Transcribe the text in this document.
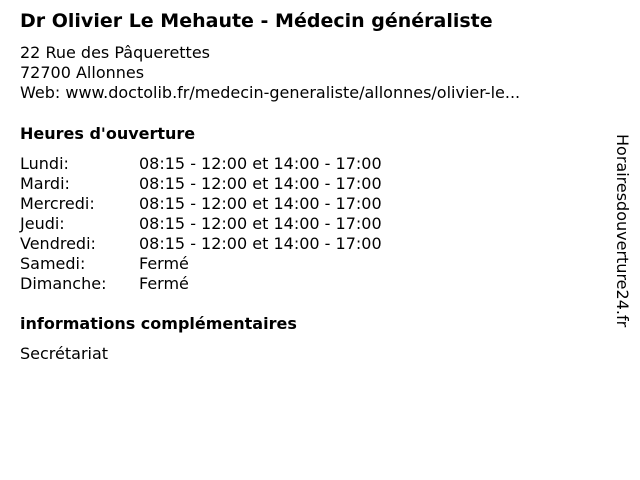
Dr Olivier Le Mehaute - Médecin généraliste
22 Rue des Pâquerettes
72700 Allonnes
Web: www.doctolib.fr/medecin-generaliste/allonnes/olivier-le...
Heures d'ouverture
Lundi:	08:15 - 12:00 et 14:00 - 17:00
Mardi:	08:15 - 12:00 et 14:00 - 17:00
Mercredi:	08:15 - 12:00 et 14:00 - 17:00
Jeudi:	08:15 - 12:00 et 14:00 - 17:00
Vendredi:	08:15 - 12:00 et 14:00 - 17:00
Samedi:	Fermé
Dimanche: Fermé
informations complémentaires
Secrétariat
Horairesdouverture24.fr
